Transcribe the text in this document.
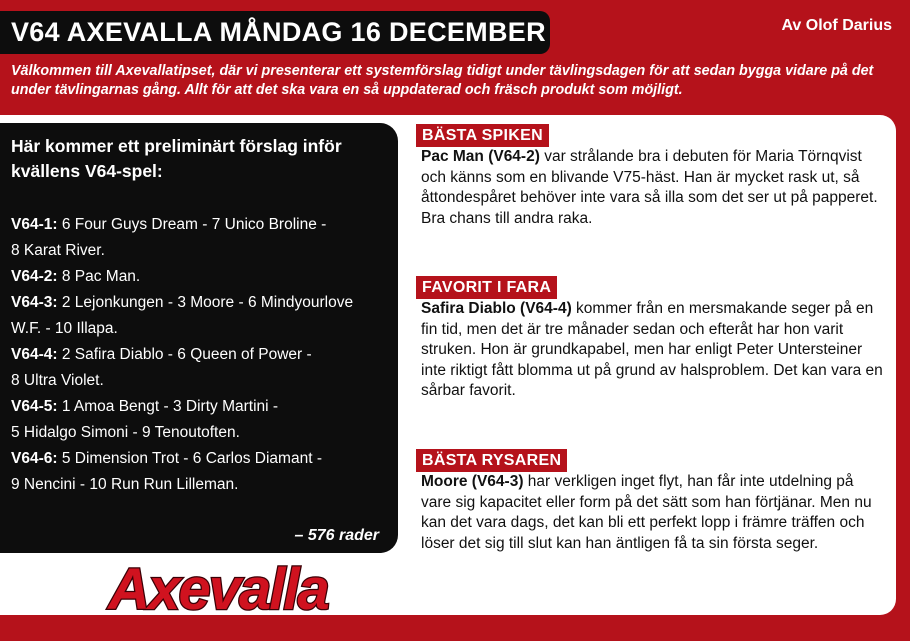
V64 AXEVALLA MÅNDAG 16 DECEMBER	Av Olof Darius
Välkommen till Axevallatipset, där vi presenterar ett systemförslag tidigt under tävlingsdagen för att sedan bygga vidare på det under tävlingarnas gång. Allt för att det ska vara en så uppdaterad och fräsch produkt som möjligt.
Här kommer ett preliminärt förslag inför kvällens V64-spel:
V64-1: 6 Four Guys Dream - 7 Unico Broline -
8 Karat River.
V64-2: 8 Pac Man.
V64-3: 2 Lejonkungen - 3 Moore - 6 Mindyourlove
W.F. - 10 Illapa.
V64-4: 2 Safira Diablo - 6 Queen of Power -
8 Ultra Violet.
V64-5: 1 Amoa Bengt - 3 Dirty Martini -
5 Hidalgo Simoni - 9 Tenoutoften.
V64-6: 5 Dimension Trot - 6 Carlos Diamant -
9 Nencini - 10 Run Run Lilleman.
– 576 rader
Axevalla
BÄSTA SPIKEN

Pac Man (V64-2) var strålande bra i debuten för Maria Törnqvist och känns som en blivande V75-häst. Han är mycket rask ut, så åttondespåret behöver inte vara så illa som det ser ut på papperet. Bra chans till andra raka.

FAVORIT I FARA

Safira Diablo (V64-4) kommer från en mersmakande seger på en fin tid, men det är tre månader sedan och efteråt har hon varit struken. Hon är grundkapabel, men har enligt Peter Untersteiner inte riktigt fått blomma ut på grund av halsproblem. Det kan vara en sårbar favorit.

BÄSTA RYSAREN

Moore (V64-3) har verkligen inget flyt, han får inte utdelning på vare sig kapacitet eller form på det sätt som han förtjänar. Men nu kan det vara dags, det kan bli ett perfekt lopp i främre träffen och löser det sig till slut kan han äntligen få ta sin första seger.
